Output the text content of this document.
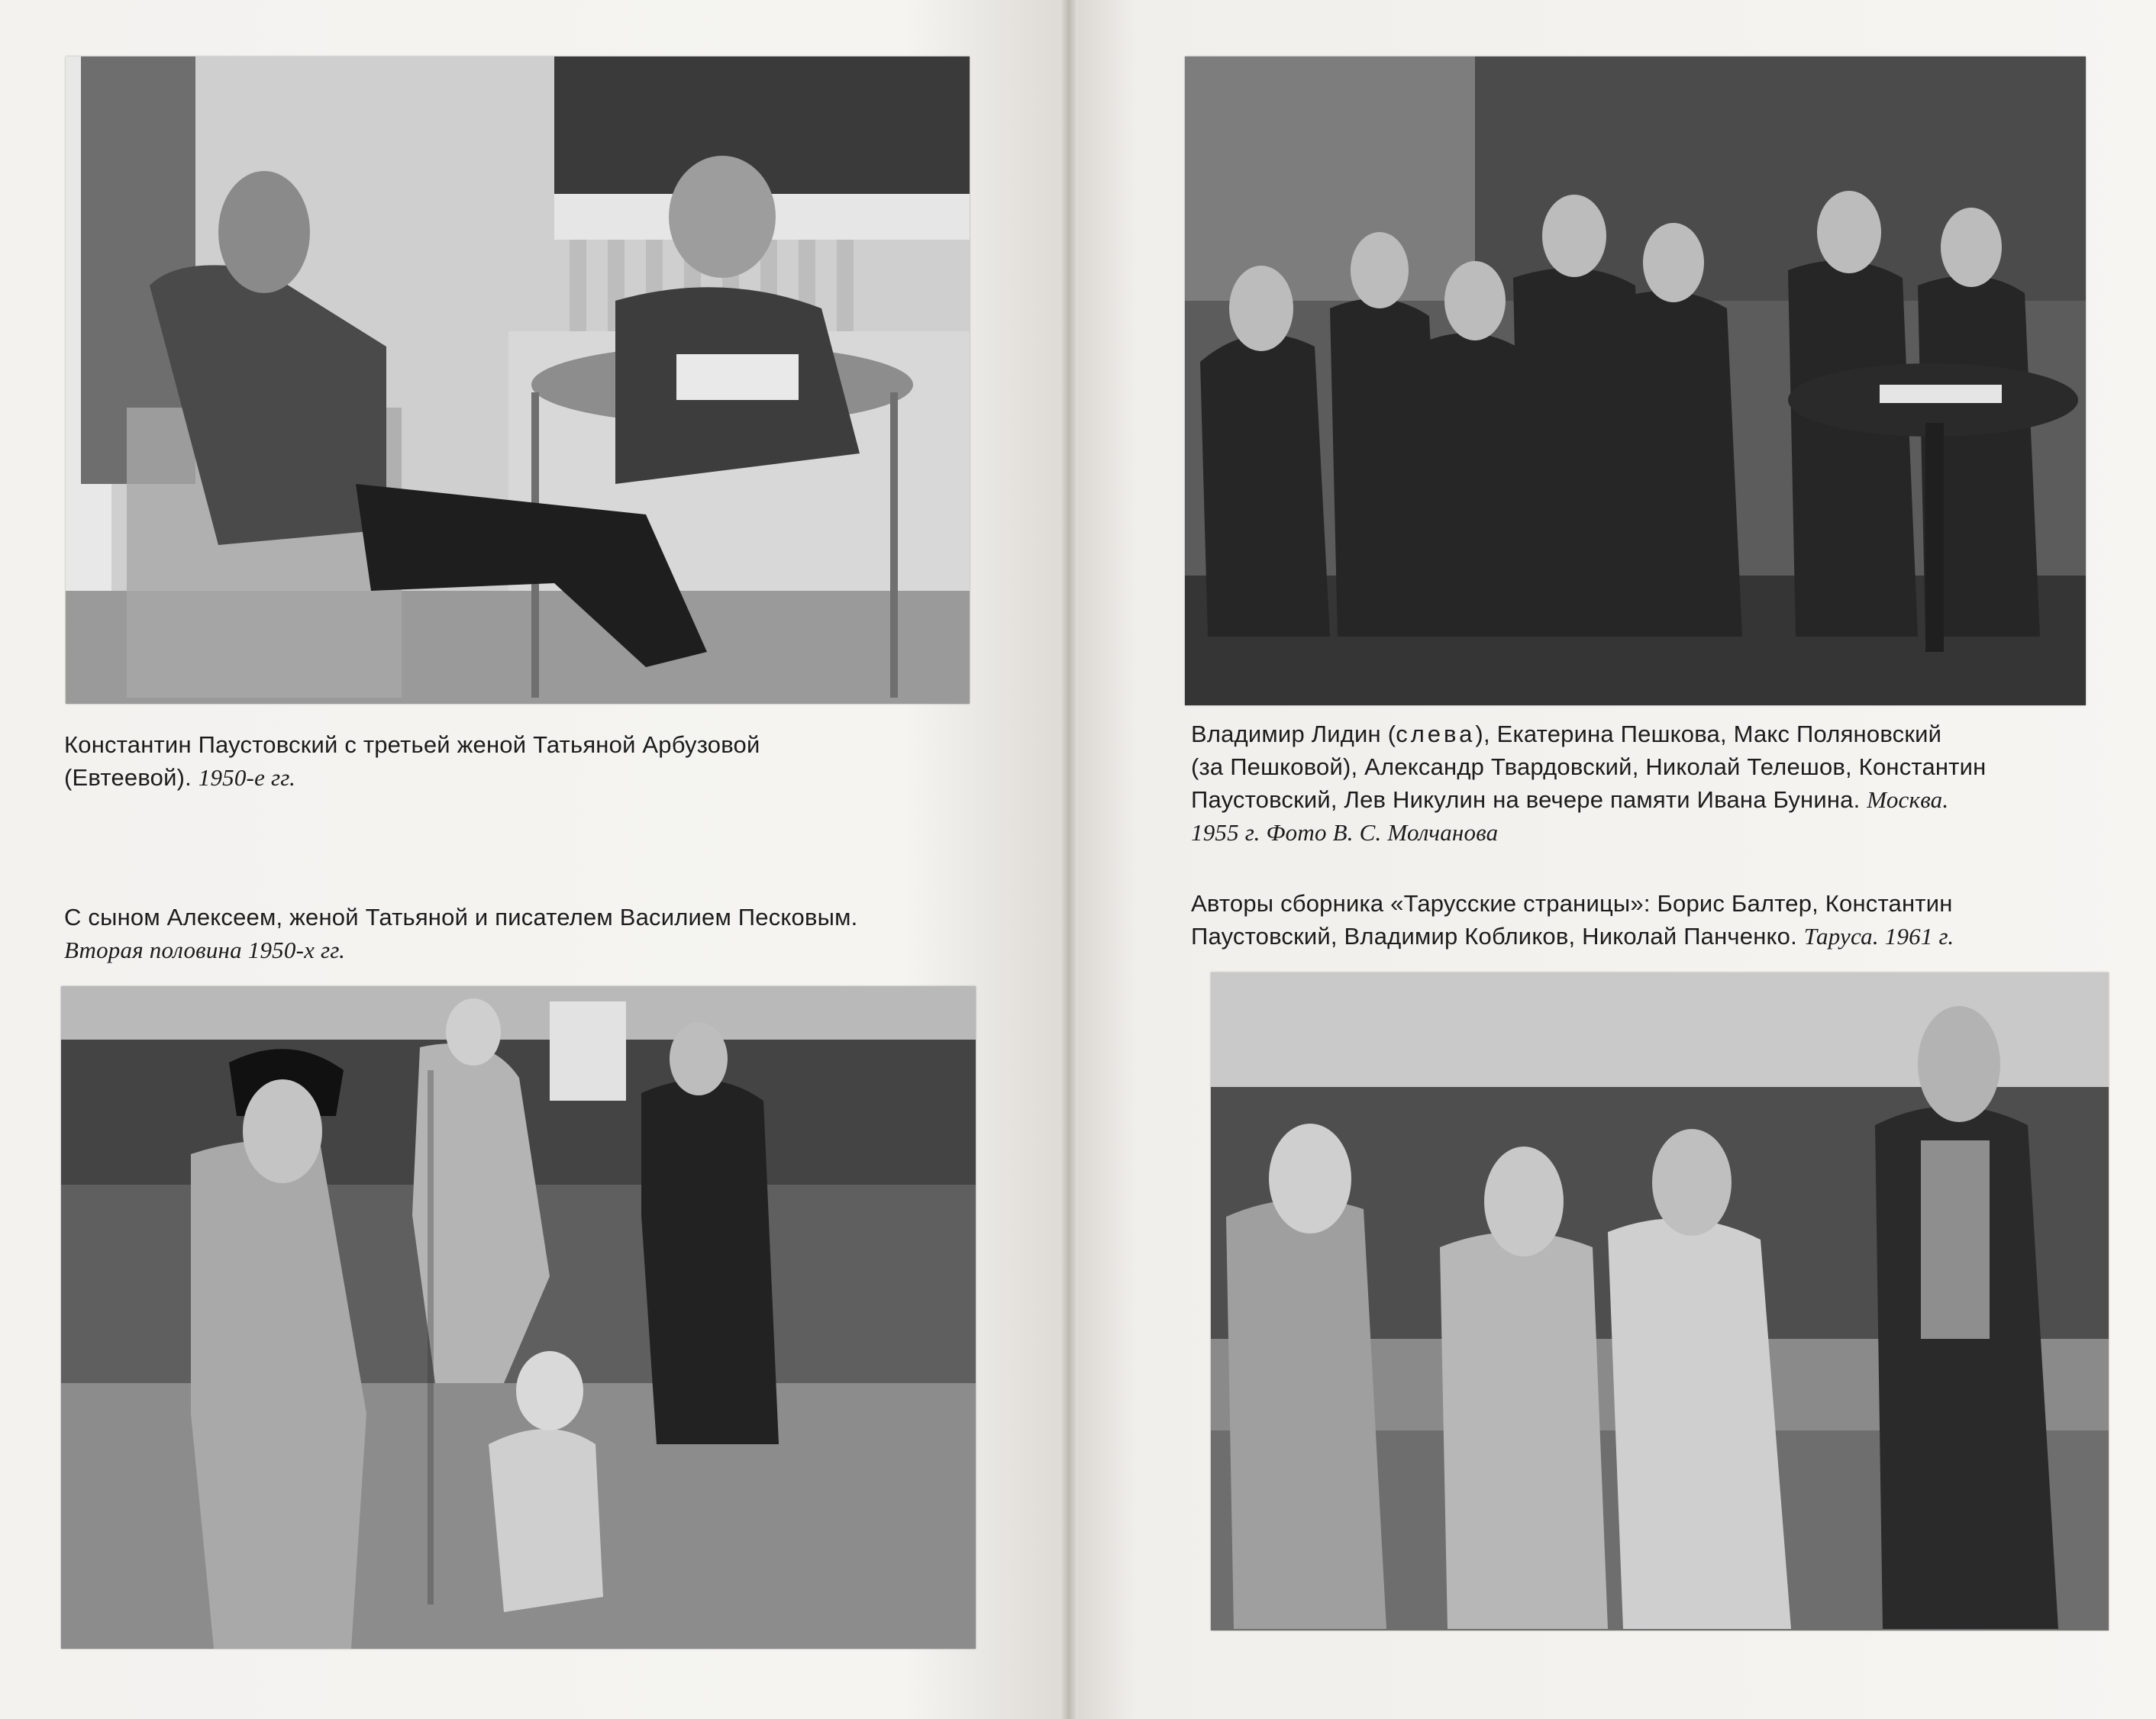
Константин Паустовский с третьей женой Татьяной Арбузовой
(Евтеевой). 1950-е гг.
С сыном Алексеем, женой Татьяной и писателем Василием Песковым.
Вторая половина 1950-х гг.
Владимир Лидин (слева), Екатерина Пешкова, Макс Поляновский
(за Пешковой), Александр Твардовский, Николай Телешов, Константин
Паустовский, Лев Никулин на вечере памяти Ивана Бунина. Москва.
1955 г. Фото В. С. Молчанова
Авторы сборника «Тарусские страницы»: Борис Балтер, Константин
Паустовский, Владимир Кобликов, Николай Панченко. Таруса. 1961 г.
